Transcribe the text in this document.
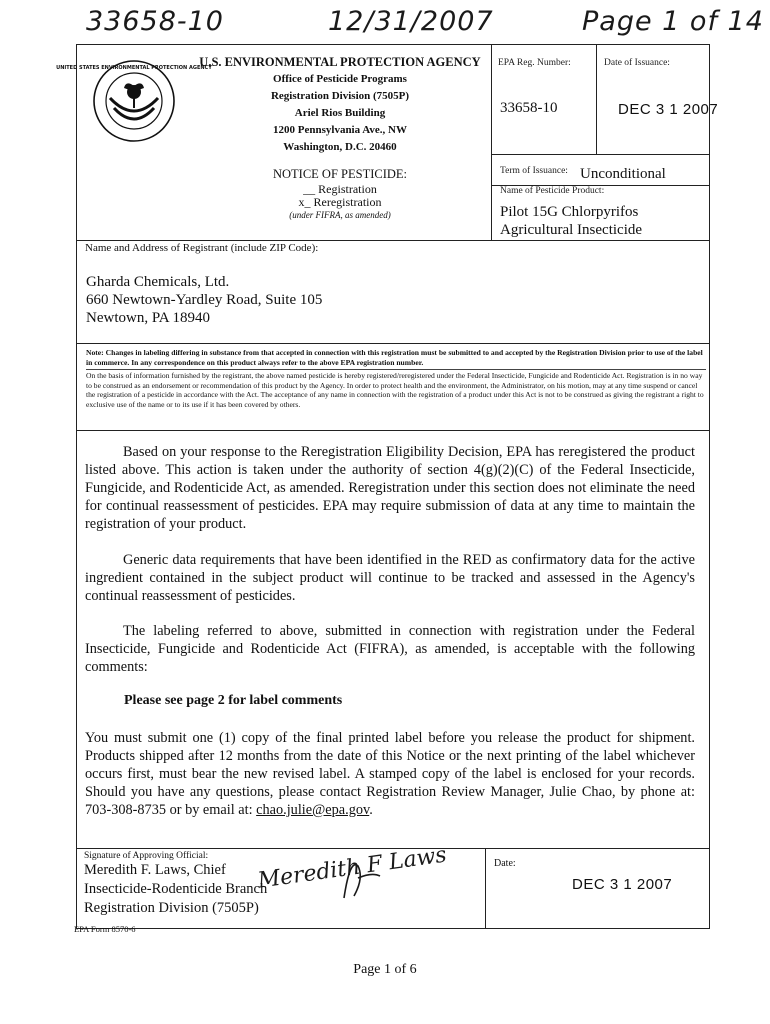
33658-10	12/31/2007	Page 1 of 14
UNITED STATES ENVIRONMENTAL PROTECTION AGENCY
U.S. ENVIRONMENTAL PROTECTION AGENCY
Office of Pesticide Programs
Registration Division (7505P)
Ariel Rios Building
1200 Pennsylvania Ave., NW
Washington, D.C. 20460
EPA Reg. Number:
33658-10
Date of Issuance:
DEC 3 1 2007
NOTICE OF PESTICIDE:
__ Registration
x_ Reregistration
(under FIFRA, as amended)
Term of Issuance: Unconditional
Name of Pesticide Product:
Pilot 15G Chlorpyrifos
Agricultural Insecticide
Name and Address of Registrant (include ZIP Code):
Gharda Chemicals, Ltd.
660 Newtown-Yardley Road, Suite 105
Newtown, PA 18940
Note: Changes in labeling differing in substance from that accepted in connection with this registration must be submitted to and accepted by the Registration Division prior to use of the label in commerce. In any correspondence on this product always refer to the above EPA registration number.
On the basis of information furnished by the registrant, the above named pesticide is hereby registered/reregistered under the Federal Insecticide, Fungicide and Rodenticide Act. Registration is in no way to be construed as an endorsement or recommendation of this product by the Agency. In order to protect health and the environment, the Administrator, on his motion, may at any time suspend or cancel the registration of a pesticide in accordance with the Act. The acceptance of any name in connection with the registration of a product under this Act is not to be construed as giving the registrant a right to exclusive use of the name or to its use if it has been covered by others.

Based on your response to the Reregistration Eligibility Decision, EPA has reregistered the product listed above. This action is taken under the authority of section 4(g)(2)(C) of the Federal Insecticide, Fungicide, and Rodenticide Act, as amended. Reregistration under this section does not eliminate the need for continual reassessment of pesticides. EPA may require submission of data at any time to maintain the registration of your product.

Generic data requirements that have been identified in the RED as confirmatory data for the active ingredient contained in the subject product will continue to be tracked and assessed in the Agency's continual reassessment of pesticides.

The labeling referred to above, submitted in connection with registration under the Federal Insecticide, Fungicide and Rodenticide Act (FIFRA), as amended, is acceptable with the following comments:

Please see page 2 for label comments

You must submit one (1) copy of the final printed label before you release the product for shipment. Products shipped after 12 months from the date of this Notice or the next printing of the label whichever occurs first, must bear the new revised label. A stamped copy of the label is enclosed for your records. Should you have any questions, please contact Registration Review Manager, Julie Chao, by phone at: 703-308-8735 or by email at: chao.julie@epa.gov.

Signature of Approving Official: Meredith F Laws
Meredith F. Laws, Chief
Insecticide-Rodenticide Branch
Registration Division (7505P)
Date:
DEC 3 1 2007
EPA Form 8570-6
Page 1 of 6
